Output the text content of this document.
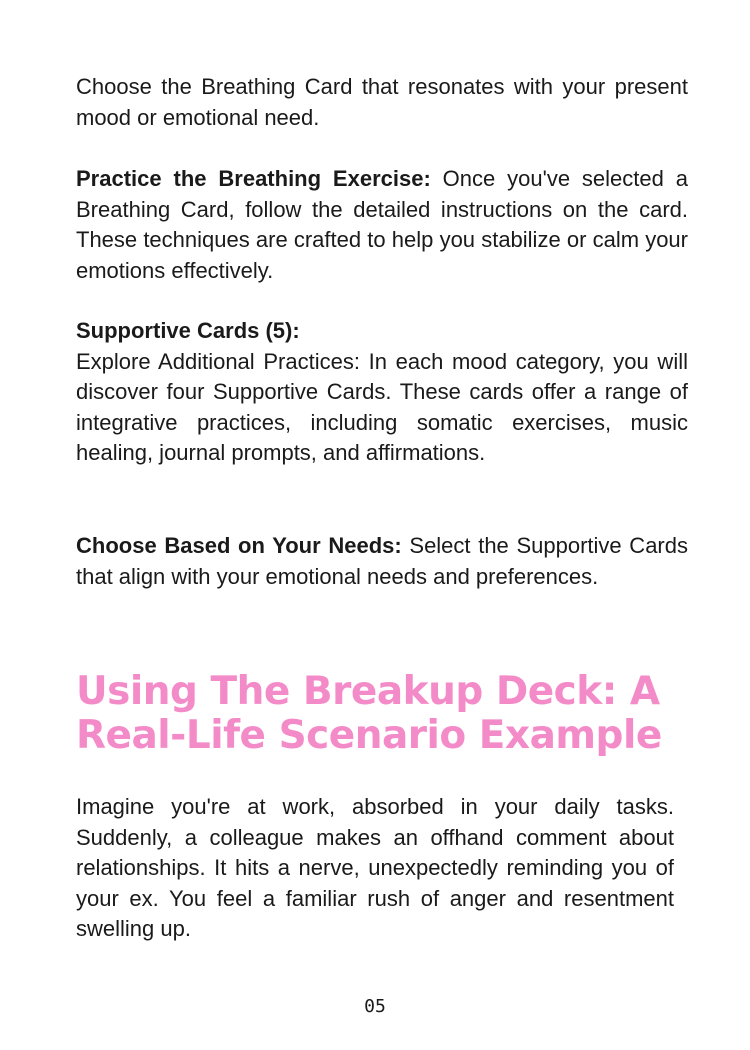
Choose the Breathing Card that resonates with your present mood or emotional need.

Practice the Breathing Exercise: Once you've selected a Breathing Card, follow the detailed instructions on the card. These techniques are crafted to help you stabilize or calm your emotions effectively.

Supportive Cards (5):
Explore Additional Practices: In each mood category, you will discover four Supportive Cards. These cards offer a range of integrative practices, including somatic exercises, music healing, journal prompts, and affirmations.

Choose Based on Your Needs: Select the Supportive Cards that align with your emotional needs and preferences.

Using The Breakup Deck: A
Real-Life Scenario Example

Imagine you're at work, absorbed in your daily tasks. Suddenly, a colleague makes an offhand comment about relationships. It hits a nerve, unexpectedly reminding you of your ex. You feel a familiar rush of anger and resentment swelling up.

05
